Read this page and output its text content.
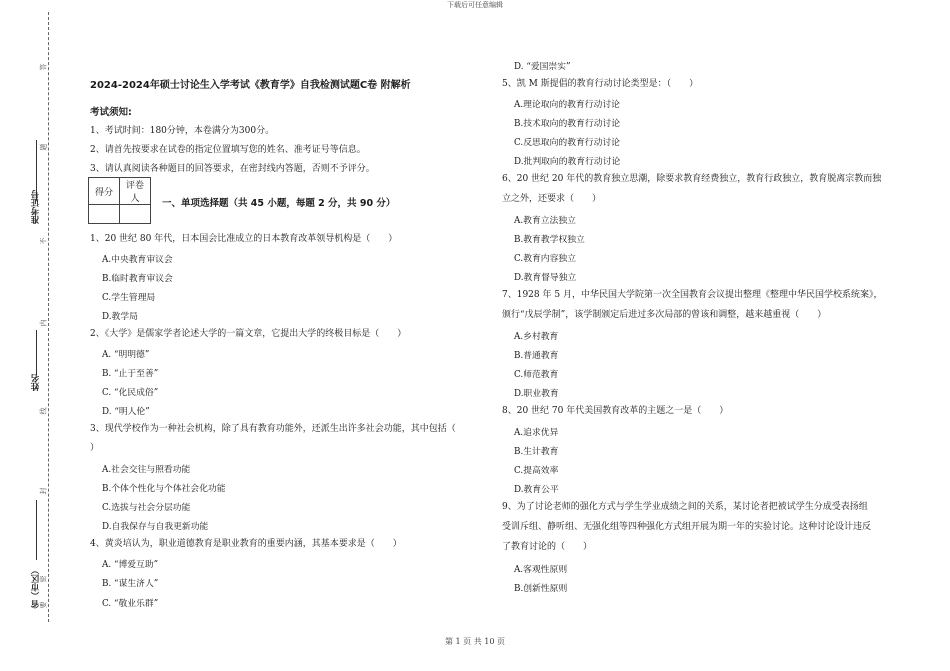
下载后可任意编辑
准考证号
姓名
省（市区）
答
题
不
内
线
封
密
要
2024-2024年硕士讨论生入学考试《教育学》自我检测试题C卷 附解析
考试须知:
1、考试时间：180分钟，本卷满分为300分。
2、请首先按要求在试卷的指定位置填写您的姓名、准考证号等信息。
3、请认真阅读各种题目的回答要求，在密封线内答题，否则不予评分。
得分	评卷人
	一、单项选择题（共 45 小题，每题 2 分，共 90 分）
1、20 世纪 80 年代，日本国会比准成立的日本教育改革领导机构是（　　）
A.中央教育审议会
B.临时教育审议会
C.学生管理局
D.教学局
2、《大学》是儒家学者论述大学的一篇文章，它提出大学的终极目标是（　　）
A. “明明德”
B. “止于至善”
C. “化民成俗”
D. “明人伦”
3、现代学校作为一种社会机构，除了具有教育功能外，还派生出许多社会功能，其中包括（
）
A.社会交往与照看功能
B.个体个性化与个体社会化功能
C.选拔与社会分层功能
D.自我保存与自我更新功能
4、黄炎培认为，职业道德教育是职业教育的重要内涵，其基本要求是（　　）
A. “博爱互助”
B. “谋生济人”
C. “敬业乐群”
D. “爱国崇实”
5、凯 M 斯提倡的教育行动讨论类型是：（　　）
A.理论取向的教育行动讨论
B.技术取向的教育行动讨论
C.反思取向的教育行动讨论
D.批判取向的教育行动讨论
6、20 世纪 20 年代的教育独立思潮，除要求教育经费独立，教育行政独立，教育脱离宗教而独
立之外，还要求（　　）
A.教育立法独立
B.教育教学权独立
C.教育内容独立
D.教育督导独立
7、1928 年 5 月，中华民国大学院第一次全国教育会议提出整理《整理中华民国学校系统案》，
颁行“戊辰学制”，该学制颁定后进过多次局部的曾该和调整，越来越重视（　　）
A.乡村教育
B.普通教育
C.师范教育
D.职业教育
8、20 世纪 70 年代美国教育改革的主题之一是（　　）
A.追求优异
B.生计教育
C.提高效率
D.教育公平
9、为了讨论老师的强化方式与学生学业成绩之间的关系，某讨论者把被试学生分成受表扬组
受训斥组、静听组、无强化组等四种强化方式组开展为期一年的实验讨论。这种讨论设计违反
了教育讨论的（　　）
A.客观性原则
B.创新性原则
第 1 页 共 10 页
